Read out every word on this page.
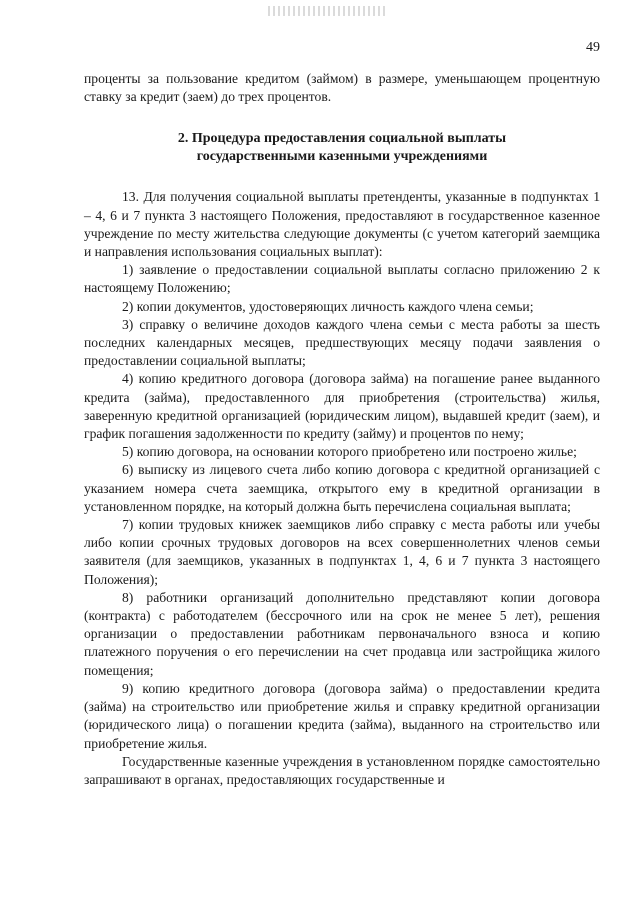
49

проценты за пользование кредитом (займом) в размере, уменьшающем процентную ставку за кредит (заем) до трех процентов.

2. Процедура предоставления социальной выплаты
государственными казенными учреждениями

13. Для получения социальной выплаты претенденты, указанные в подпунктах 1 – 4, 6 и 7 пункта 3 настоящего Положения, предоставляют в государственное казенное учреждение по месту жительства следующие документы (с учетом категорий заемщика и направления использования социальных выплат):

1) заявление о предоставлении социальной выплаты согласно приложению 2 к настоящему Положению;

2) копии документов, удостоверяющих личность каждого члена семьи;

3) справку о величине доходов каждого члена семьи с места работы за шесть последних календарных месяцев, предшествующих месяцу подачи заявления о предоставлении социальной выплаты;

4) копию кредитного договора (договора займа) на погашение ранее выданного кредита (займа), предоставленного для приобретения (строительства) жилья, заверенную кредитной организацией (юридическим лицом), выдавшей кредит (заем), и график погашения задолженности по кредиту (займу) и процентов по нему;

5) копию договора, на основании которого приобретено или построено жилье;

6) выписку из лицевого счета либо копию договора с кредитной организацией с указанием номера счета заемщика, открытого ему в кредитной организации в установленном порядке, на который должна быть перечислена социальная выплата;

7) копии трудовых книжек заемщиков либо справку с места работы или учебы либо копии срочных трудовых договоров на всех совершеннолетних членов семьи заявителя (для заемщиков, указанных в подпунктах 1, 4, 6 и 7 пункта 3 настоящего Положения);

8) работники организаций дополнительно представляют копии договора (контракта) с работодателем (бессрочного или на срок не менее 5 лет), решения организации о предоставлении работникам первоначального взноса и копию платежного поручения о его перечислении на счет продавца или застройщика жилого помещения;

9) копию кредитного договора (договора займа) о предоставлении кредита (займа) на строительство или приобретение жилья и справку кредитной организации (юридического лица) о погашении кредита (займа), выданного на строительство или приобретение жилья.

Государственные казенные учреждения в установленном порядке самостоятельно запрашивают в органах, предоставляющих государственные и
